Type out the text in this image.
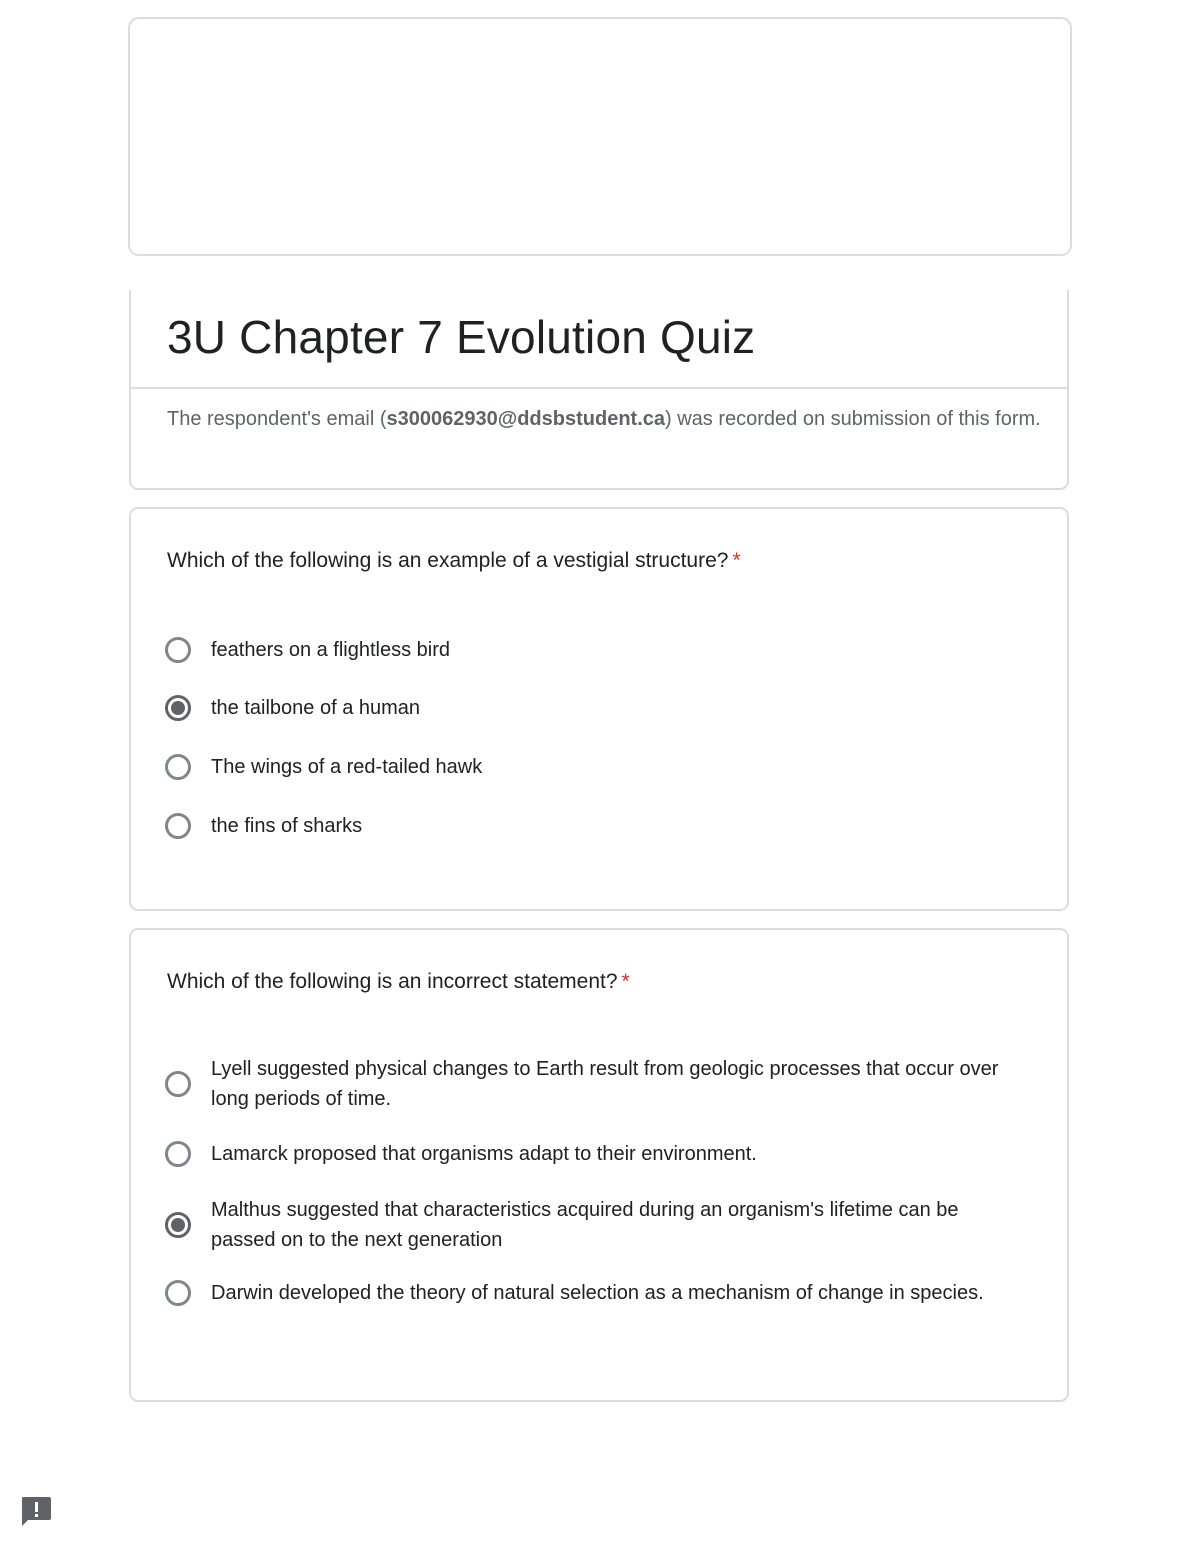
3U Chapter 7 Evolution Quiz
The respondent's email (s300062930@ddsbstudent.ca) was recorded on submission of this form.
Which of the following is an example of a vestigial structure? *
feathers on a flightless bird
the tailbone of a human
The wings of a red-tailed hawk
the fins of sharks
Which of the following is an incorrect statement? *
Lyell suggested physical changes to Earth result from geologic processes that occur over long periods of time.
Lamarck proposed that organisms adapt to their environment.
Malthus suggested that characteristics acquired during an organism's lifetime can be passed on to the next generation
Darwin developed the theory of natural selection as a mechanism of change in species.
